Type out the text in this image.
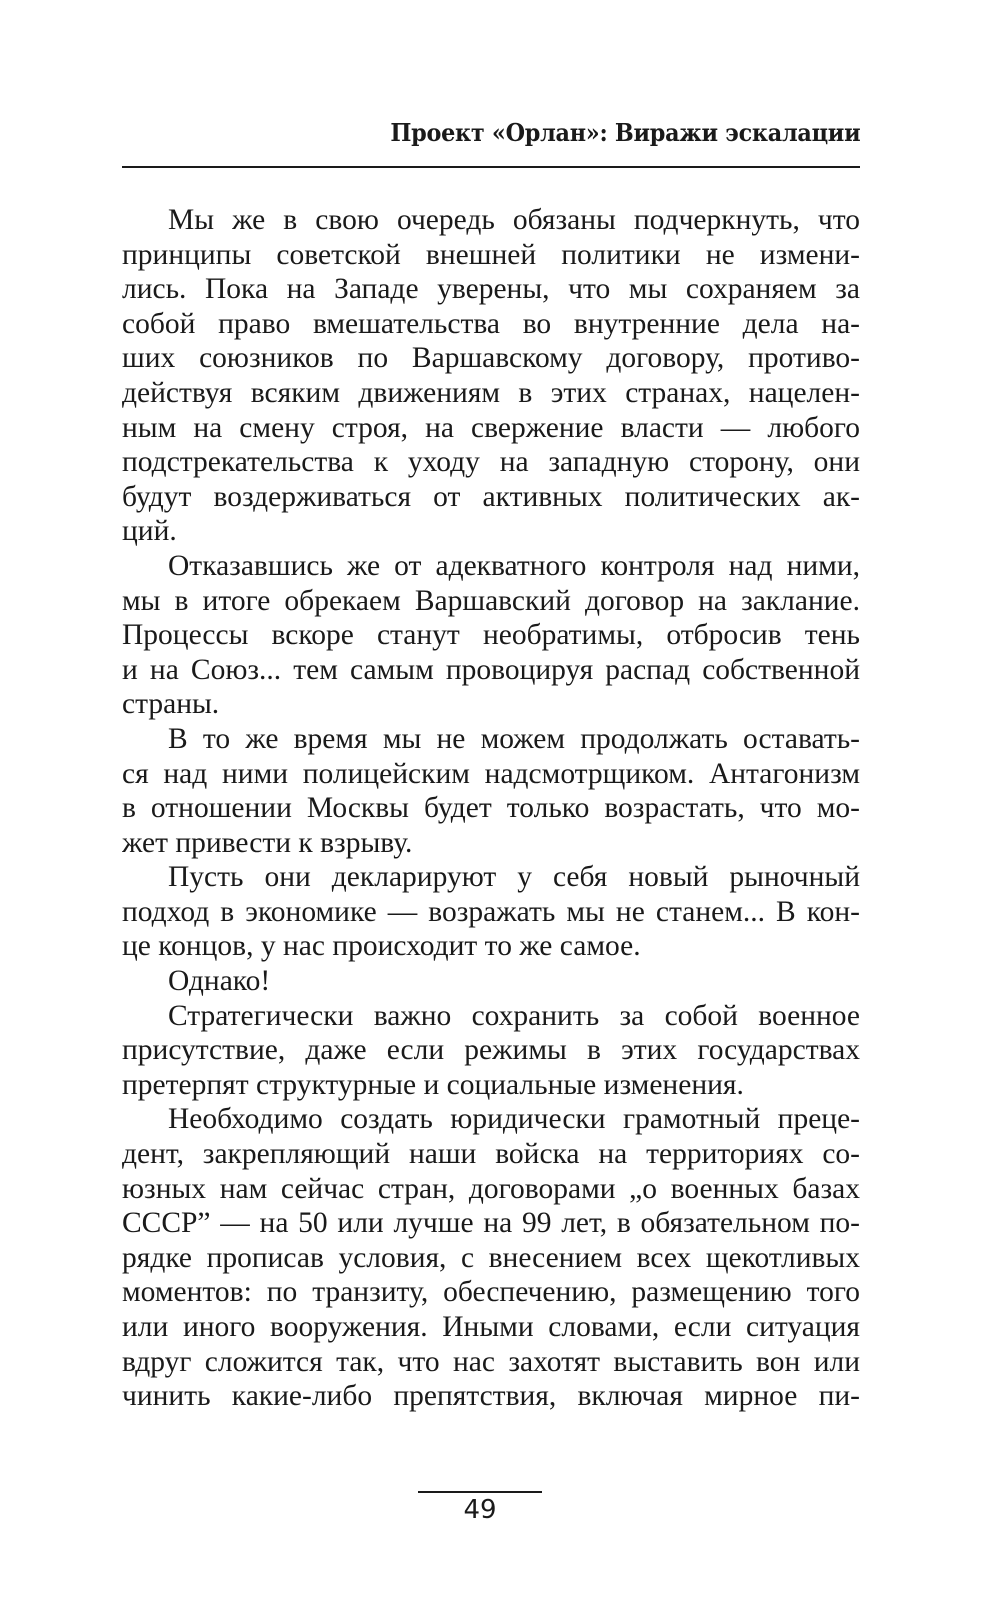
Проект «Орлан»: Виражи эскалации
Мы же в свою очередь обязаны подчеркнуть, что
принципы советской внешней политики не измени-
лись. Пока на Западе уверены, что мы сохраняем за
собой право вмешательства во внутренние дела на-
ших союзников по Варшавскому договору, противо-
действуя всяким движениям в этих странах, нацелен-
ным на смену строя, на свержение власти — любого
подстрекательства к уходу на западную сторону, они
будут воздерживаться от активных политических ак-
ций.
Отказавшись же от адекватного контроля над ними,
мы в итоге обрекаем Варшавский договор на заклание.
Процессы вскоре станут необратимы, отбросив тень
и на Союз... тем самым провоцируя распад собственной
страны.
В то же время мы не можем продолжать оставать-
ся над ними полицейским надсмотрщиком. Антагонизм
в отношении Москвы будет только возрастать, что мо-
жет привести к взрыву.
Пусть они декларируют у себя новый рыночный
подход в экономике — возражать мы не станем... В кон-
це концов, у нас происходит то же самое.
Однако!
Стратегически важно сохранить за собой военное
присутствие, даже если режимы в этих государствах
претерпят структурные и социальные изменения.
Необходимо создать юридически грамотный прецe-
дент, закрепляющий наши войска на территориях со-
юзных нам сейчас стран, договорами „о военных базах
СССР” — на 50 или лучше на 99 лет, в обязательном по-
рядке прописав условия, с внесением всех щекотливых
моментов: по транзиту, обеспечению, размещению того
или иного вооружения. Иными словами, если ситуация
вдруг сложится так, что нас захотят выставить вон или
чинить какие-либо препятствия, включая мирное пи-
49
